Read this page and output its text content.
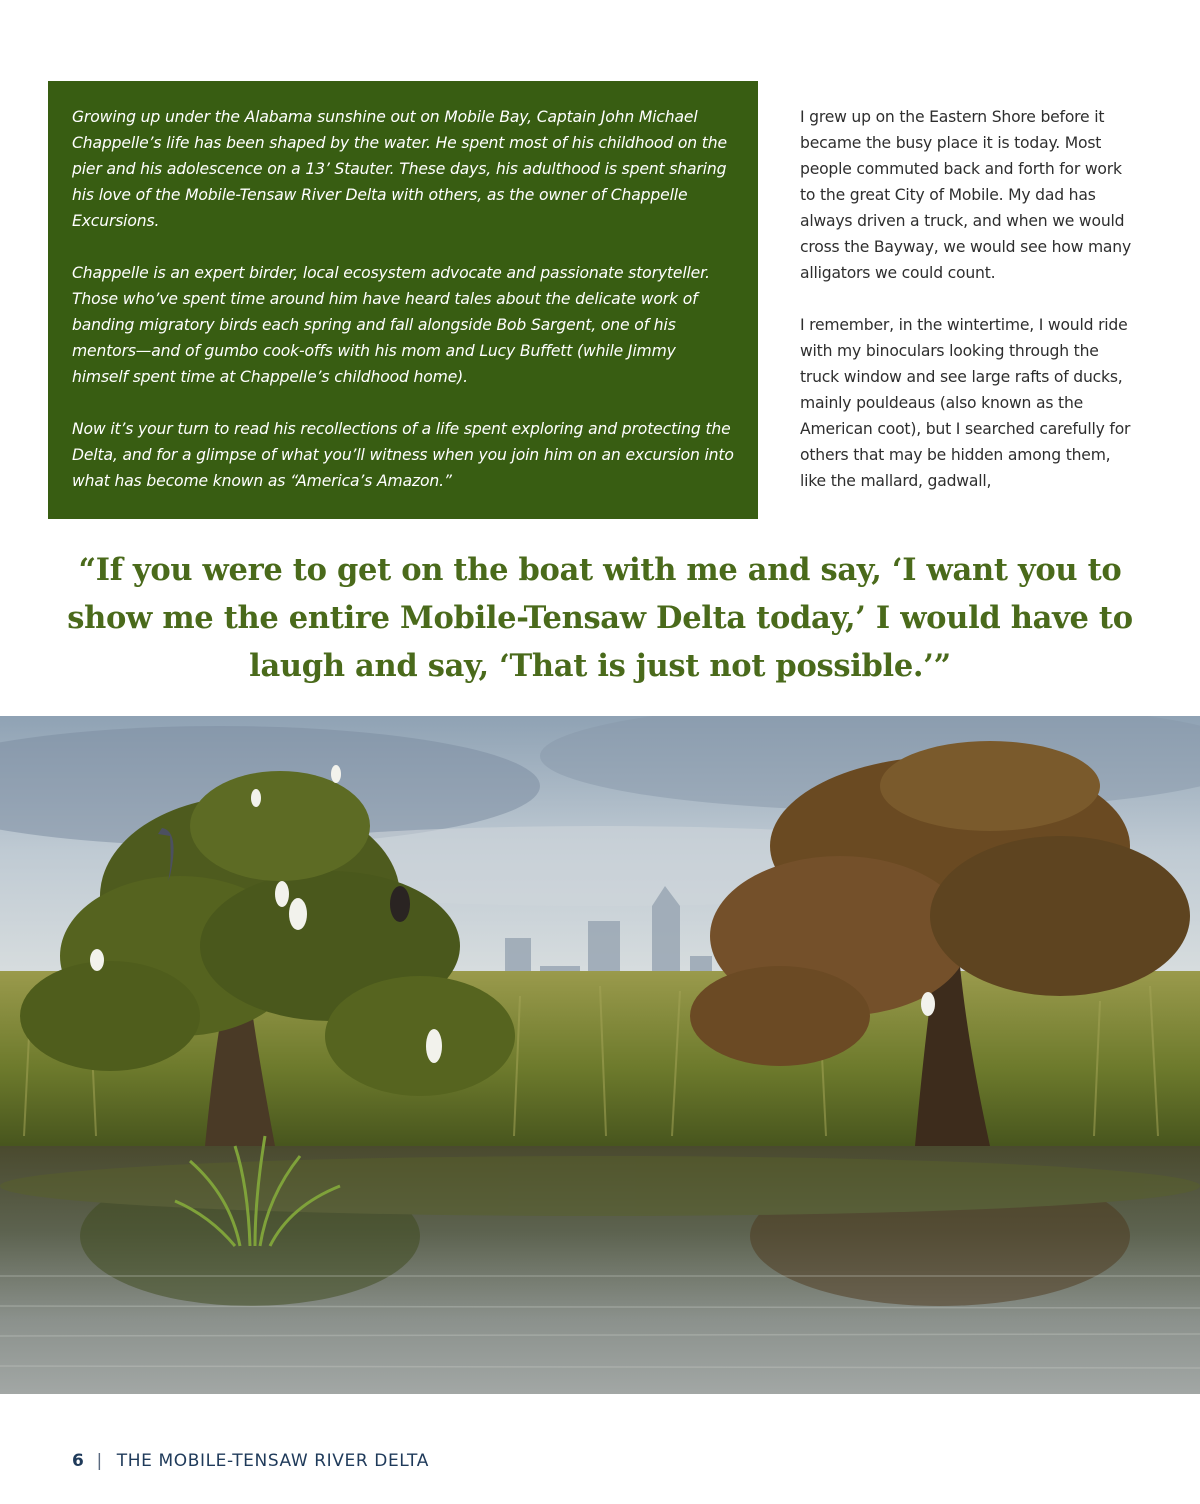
Growing up under the Alabama sunshine out on Mobile Bay, Captain John Michael Chappelle’s life has been shaped by the water. He spent most of his childhood on the pier and his adolescence on a 13’ Stauter. These days, his adulthood is spent sharing his love of the Mobile-Tensaw River Delta with others, as the owner of Chappelle Excursions.

Chappelle is an expert birder, local ecosystem advocate and passionate storyteller. Those who’ve spent time around him have heard tales about the delicate work of banding migratory birds each spring and fall alongside Bob Sargent, one of his mentors—and of gumbo cook-offs with his mom and Lucy Buffett (while Jimmy himself spent time at Chappelle’s childhood home).

Now it’s your turn to read his recollections of a life spent exploring and protecting the Delta, and for a glimpse of what you’ll witness when you join him on an excursion into what has become known as “America’s Amazon.”

I grew up on the Eastern Shore before it became the busy place it is today. Most people commuted back and forth for work to the great City of Mobile. My dad has always driven a truck, and when we would cross the Bayway, we would see how many alligators we could count.

I remember, in the wintertime, I would ride with my binoculars looking through the truck window and see large rafts of ducks, mainly pouldeaus (also known as the American coot), but I searched carefully for others that may be hidden among them, like the mallard, gadwall,

“If you were to get on the boat with me and say, ‘I want you to show me the entire Mobile-Tensaw Delta today,’ I would have to laugh and say, ‘That is just not possible.’”

6 | THE MOBILE-TENSAW RIVER DELTA
